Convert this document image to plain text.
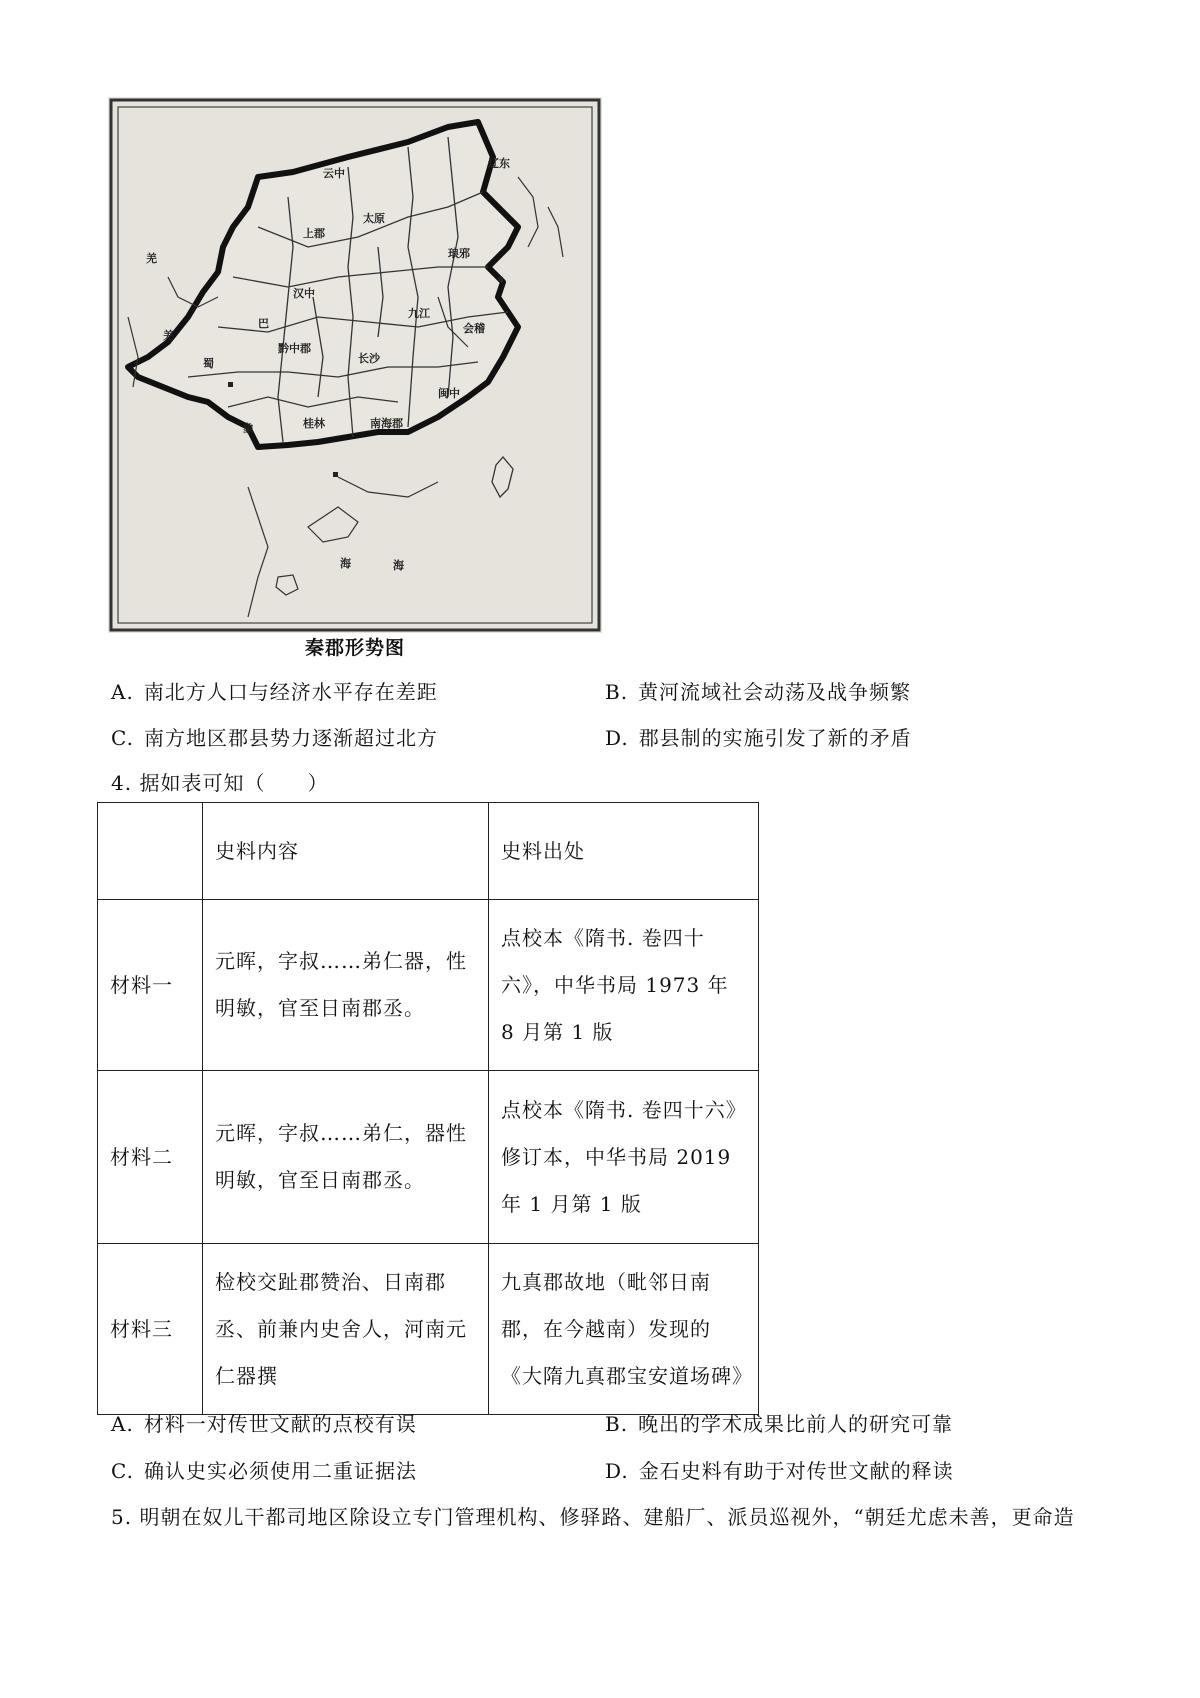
羌
羌
辽东
太原
云中
上郡
琅邪
汉中
巴
蜀
黔中郡
九江
长沙
会稽
闽中
桂林
象	南海郡
海	海
秦郡形势图
A. 南北方人口与经济水平存在差距	B. 黄河流域社会动荡及战争频繁
C. 南方地区郡县势力逐渐超过北方	D. 郡县制的实施引发了新的矛盾
4. 据如表可知（　　）
	史料内容	史料出处
材料一	元晖，字叔……弟仁器，性明敏，官至日南郡丞。	点校本《隋书. 卷四十六》，中华书局 1973 年 8 月第 1 版
材料二	元晖，字叔……弟仁，器性明敏，官至日南郡丞。	点校本《隋书. 卷四十六》修订本，中华书局 2019 年 1 月第 1 版
材料三	检校交趾郡赞治、日南郡丞、前兼内史舍人，河南元仁器撰	九真郡故地（毗邻日南郡，在今越南）发现的《大隋九真郡宝安道场碑》
A. 材料一对传世文献的点校有误	B. 晚出的学术成果比前人的研究可靠
C. 确认史实必须使用二重证据法	D. 金石史料有助于对传世文献的释读
5. 明朝在奴儿干都司地区除设立专门管理机构、修驿路、建船厂、派员巡视外，“朝廷尤虑未善，更命造
